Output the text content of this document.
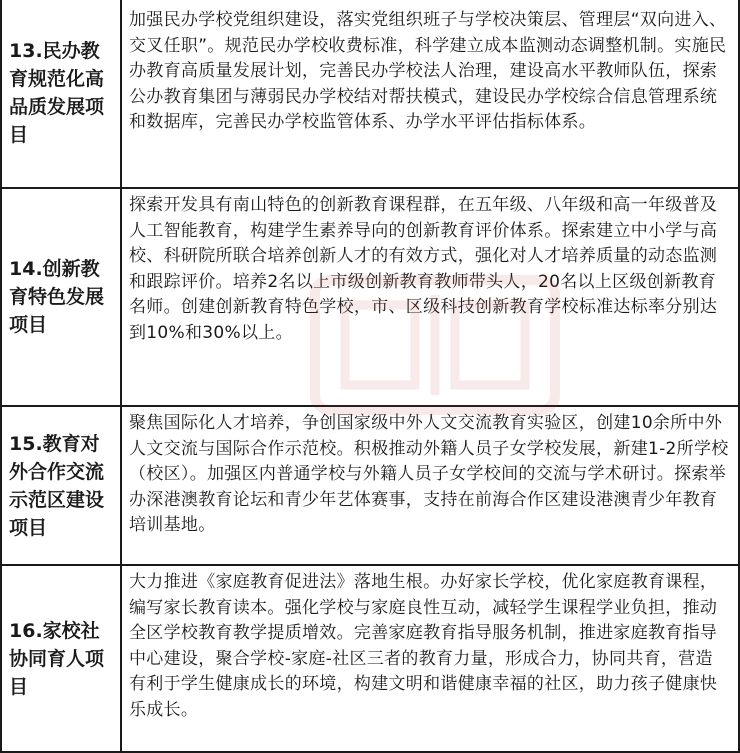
13.民办教育规范化高品质发展项目
加强民办学校党组织建设，落实党组织班子与学校决策层、管理层“双向进入、交叉任职”。规范民办学校收费标准，科学建立成本监测动态调整机制。实施民办教育高质量发展计划，完善民办学校法人治理，建设高水平教师队伍，探索公办教育集团与薄弱民办学校结对帮扶模式，建设民办学校综合信息管理系统和数据库，完善民办学校监管体系、办学水平评估指标体系。
14.创新教育特色发展项目
探索开发具有南山特色的创新教育课程群，在五年级、八年级和高一年级普及人工智能教育，构建学生素养导向的创新教育评价体系。探索建立中小学与高校、科研院所联合培养创新人才的有效方式，强化对人才培养质量的动态监测和跟踪评价。培养2名以上市级创新教育教师带头人，20名以上区级创新教育名师。创建创新教育特色学校，市、区级科技创新教育学校标准达标率分别达到10%和30%以上。
15.教育对外合作交流示范区建设项目
聚焦国际化人才培养，争创国家级中外人文交流教育实验区，创建10余所中外人文交流与国际合作示范校。积极推动外籍人员子女学校发展，新建1-2所学校（校区）。加强区内普通学校与外籍人员子女学校间的交流与学术研讨。探索举办深港澳教育论坛和青少年艺体赛事，支持在前海合作区建设港澳青少年教育培训基地。
16.家校社协同育人项目
大力推进《家庭教育促进法》落地生根。办好家长学校，优化家庭教育课程，编写家长教育读本。强化学校与家庭良性互动，减轻学生课程学业负担，推动全区学校教育教学提质增效。完善家庭教育指导服务机制，推进家庭教育指导中心建设，聚合学校-家庭-社区三者的教育力量，形成合力，协同共育，营造有利于学生健康成长的环境，构建文明和谐健康幸福的社区，助力孩子健康快乐成长。
